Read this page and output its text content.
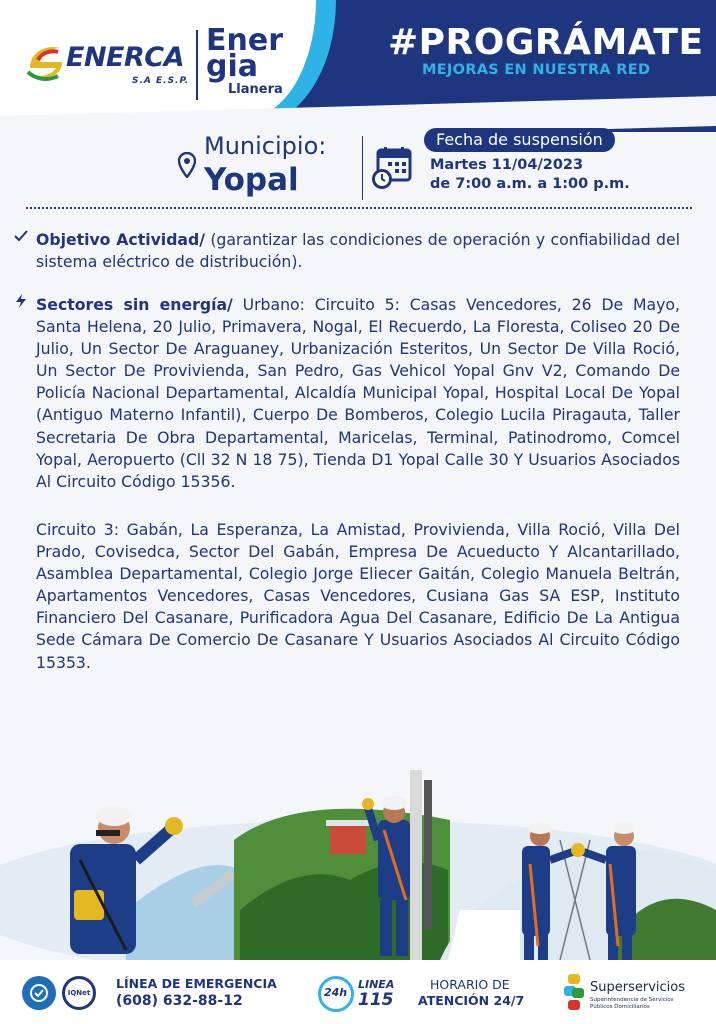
ENERCA
S.A E.S.P.
Ener
gia
Llanera
#PROGRÁMATE
MEJORAS EN NUESTRA RED
Municipio:
Yopal
Fecha de suspensión
Martes 11/04/2023
de 7:00 a.m. a 1:00 p.m.
Objetivo Actividad/ (garantizar las condiciones de operación y confiabilidad del sistema eléctrico de distribución).
Sectores sin energía/ Urbano: Circuito 5: Casas Vencedores, 26 De Mayo, Santa Helena, 20 Julio, Primavera, Nogal, El Recuerdo, La Floresta, Coliseo 20 De Julio, Un Sector De Araguaney, Urbanización Esteritos, Un Sector De Villa Roció, Un Sector De Provivienda, San Pedro, Gas Vehicol Yopal Gnv V2, Comando De Policía Nacional Departamental, Alcaldía Municipal Yopal, Hospital Local De Yopal (Antiguo Materno Infantil), Cuerpo De Bomberos, Colegio Lucila Piragauta, Taller Secretaria De Obra Departamental, Maricelas, Terminal, Patinodromo, Comcel Yopal, Aeropuerto (Cll 32 N 18 75), Tienda D1 Yopal Calle 30 Y Usuarios Asociados Al Circuito Código 15356.
Circuito 3: Gabán, La Esperanza, La Amistad, Provivienda, Villa Roció, Villa Del Prado, Covisedca, Sector Del Gabán, Empresa De Acueducto Y Alcantarillado, Asamblea Departamental, Colegio Jorge Eliecer Gaitán, Colegio Manuela Beltrán, Apartamentos Vencedores, Casas Vencedores, Cusiana Gas SA ESP, Instituto Financiero Del Casanare, Purificadora Agua Del Casanare, Edificio De La Antigua Sede Cámara De Comercio De Casanare Y Usuarios Asociados Al Circuito Código 15353.
icontec
IQNet
LÍNEA DE EMERGENCIA
(608) 632-88-12
24h
LINEA
115
HORARIO DE
ATENCIÓN 24/7
Superservicios
Superintendencia de Servicios
Públicos Domiciliarios
